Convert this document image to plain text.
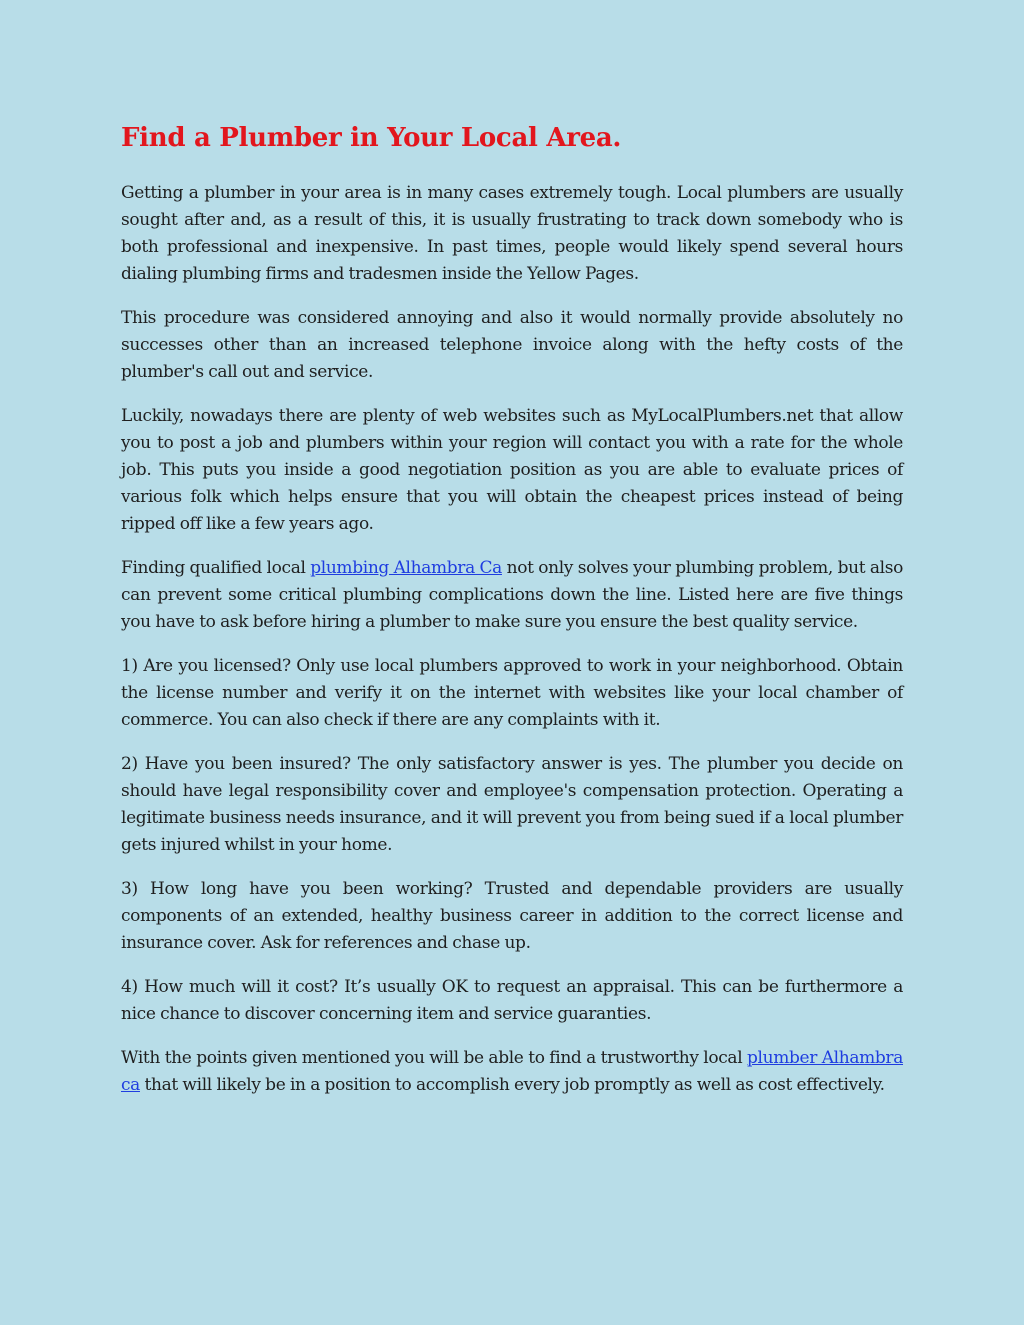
Find a Plumber in Your Local Area.

Getting a plumber in your area is in many cases extremely tough. Local plumbers are usually sought after and, as a result of this, it is usually frustrating to track down somebody who is both professional and inexpensive. In past times, people would likely spend several hours dialing plumbing firms and tradesmen inside the Yellow Pages.

This procedure was considered annoying and also it would normally provide absolutely no successes other than an increased telephone invoice along with the hefty costs of the plumber's call out and service.

Luckily, nowadays there are plenty of web websites such as MyLocalPlumbers.net that allow you to post a job and plumbers within your region will contact you with a rate for the whole job. This puts you inside a good negotiation position as you are able to evaluate prices of various folk which helps ensure that you will obtain the cheapest prices instead of being ripped off like a few years ago.

Finding qualified local plumbing Alhambra Ca not only solves your plumbing problem, but also can prevent some critical plumbing complications down the line. Listed here are five things you have to ask before hiring a plumber to make sure you ensure the best quality service.

1) Are you licensed? Only use local plumbers approved to work in your neighborhood. Obtain the license number and verify it on the internet with websites like your local chamber of commerce. You can also check if there are any complaints with it.

2) Have you been insured? The only satisfactory answer is yes. The plumber you decide on should have legal responsibility cover and employee's compensation protection. Operating a legitimate business needs insurance, and it will prevent you from being sued if a local plumber gets injured whilst in your home.

3) How long have you been working? Trusted and dependable providers are usually components of an extended, healthy business career in addition to the correct license and insurance cover. Ask for references and chase up.

4) How much will it cost? It’s usually OK to request an appraisal. This can be furthermore a nice chance to discover concerning item and service guaranties.

With the points given mentioned you will be able to find a trustworthy local plumber Alhambra ca that will likely be in a position to accomplish every job promptly as well as cost effectively.
